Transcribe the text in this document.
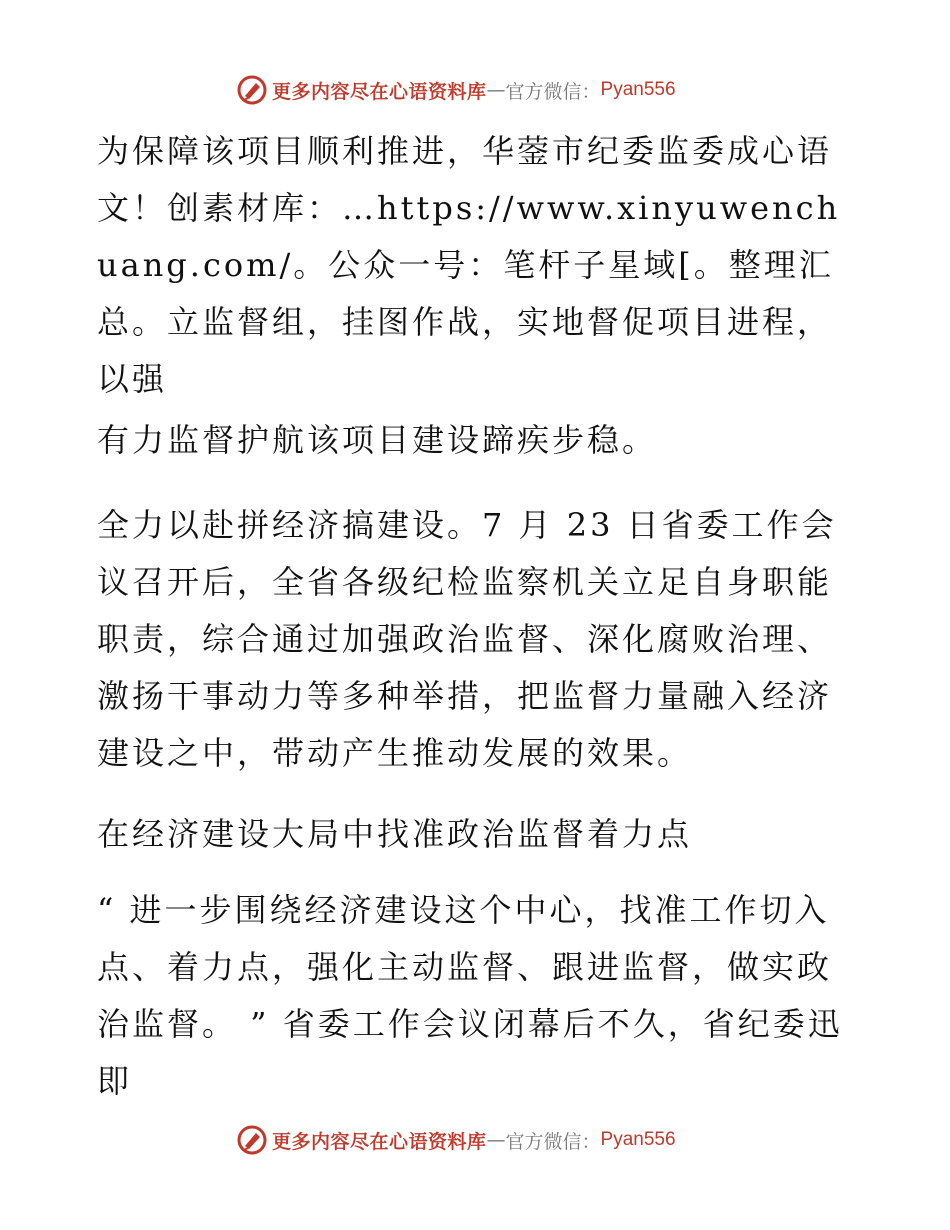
更多内容尽在心语资料库 — 官方微信： Pyan556

为保障该项目顺利推进，华蓥市纪委监委成心语文！创素材库：…https://www.xinyuwenchuang.com/。公众一号：笔杆子星域[。整理汇总。立监督组，挂图作战，实地督促项目进程，以强

有力监督护航该项目建设蹄疾步稳。

全力以赴拼经济搞建设。7 月 23 日省委工作会议召开后，全省各级纪检监察机关立足自身职能职责，综合通过加强政治监督、深化腐败治理、激扬干事动力等多种举措，把监督力量融入经济建设之中，带动产生推动发展的效果。

在经济建设大局中找准政治监督着力点

“ 进一步围绕经济建设这个中心，找准工作切入点、着力点，强化主动监督、跟进监督，做实政治监督。 ” 省委工作会议闭幕后不久，省纪委迅即

更多内容尽在心语资料库 — 官方微信： Pyan556
